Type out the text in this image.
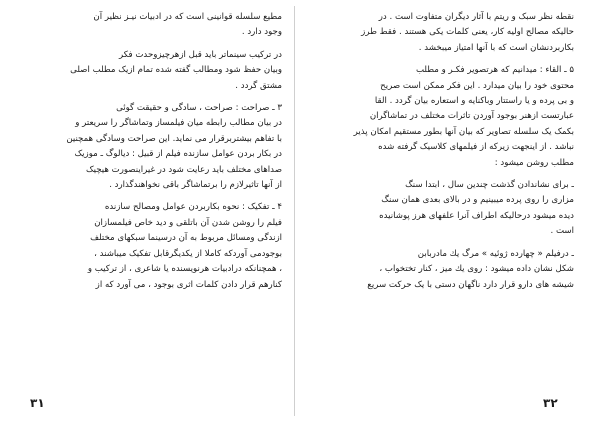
مطیع سلسله قوانینی است که در ادبیات نیـز نظیر آن
وجود دارد .
در ترکیب سینماتر باید قبل ازهرچیزوحدت فکر
وبیان حفظ شود ومطالب گفته شده تمام ازیک مطلب اصلی
مشتق گردد .
۳ ـ صراحت : صراحت ، سادگی و حقیقت گوئی
در بیان مطالب رابطه میان فیلمساز وتماشاگر را سریعتر و
با تفاهم بیشتربرقرار می نماید. این صراحت وسادگی همچنین
در بکار بردن عوامل سازنده فیلم از قبیل : دیالوگ ـ موزیک
صداهای مختلف باید رعایت شود در غیراینصورت هیچیک
از آنها تاثیرلازم را برتماشاگر باقی نخواهندگذارد .
۴ ـ تفکیک : نحوه بکاربردن عوامل ومصالح سازنده
فیلم را روشن شدن آن باتلقی و دید خاص فیلمسازان
ازندگی ومسائل مربوط به آن درسینما سبکهای مختلف
بوجودمی آوردکه کاملا از یکدیگرقابل تفکیک میباشند ،
، همچنانکه درادبیات هرنویسنده یا شاعری ، از ترکیب و
کنارهم قرار دادن کلمات اثری بوجود ، می آورد که از
نقطه نظر سبک و ریتم با آثار دیگران متفاوت است . در
حالیکه مصالح اولیه کار، یعنی کلمات یکی هستند . فقط طرز
بکاربردنشان است که با آنها امتیاز میبخشد .
۵ ـ القاء : میدانیم که هرتصویر فکـر و مطلب
محتوی خود را بیان میدارد . این فکر ممکن است صریح
و بی پرده و یا راستتار وباکنایه و استعاره بیان گردد . القا
عبارتست ازهنر بوجود آوردن تاثرات مختلف در تماشاگران
بکمک یک سلسله تصاویر که بیان آنها بطور مستقیم امکان پذیر
نباشد . از اینجهت زیرکه از فیلمهای کلاسیک گرفته شده
مطلب روشن میشود :
ـ برای نشاندادن گذشت چندین سال ، ابتدا سنگ
مزاری را روی پرده میبینیم و در بالای بعدی همان سنگ
دیده میشود درحالیکه اطراف آنرا علفهای هرز پوشانیده
است .
ـ درفیلم « چهارده ژوئیه » مرگ یك مادربابن
شکل نشان داده میشود : روی یك میز ، کنار تختخواب ،
شیشه های دارو قرار دارد ناگهان دستی با یک حرکت سریع
۳۱	۳۲
